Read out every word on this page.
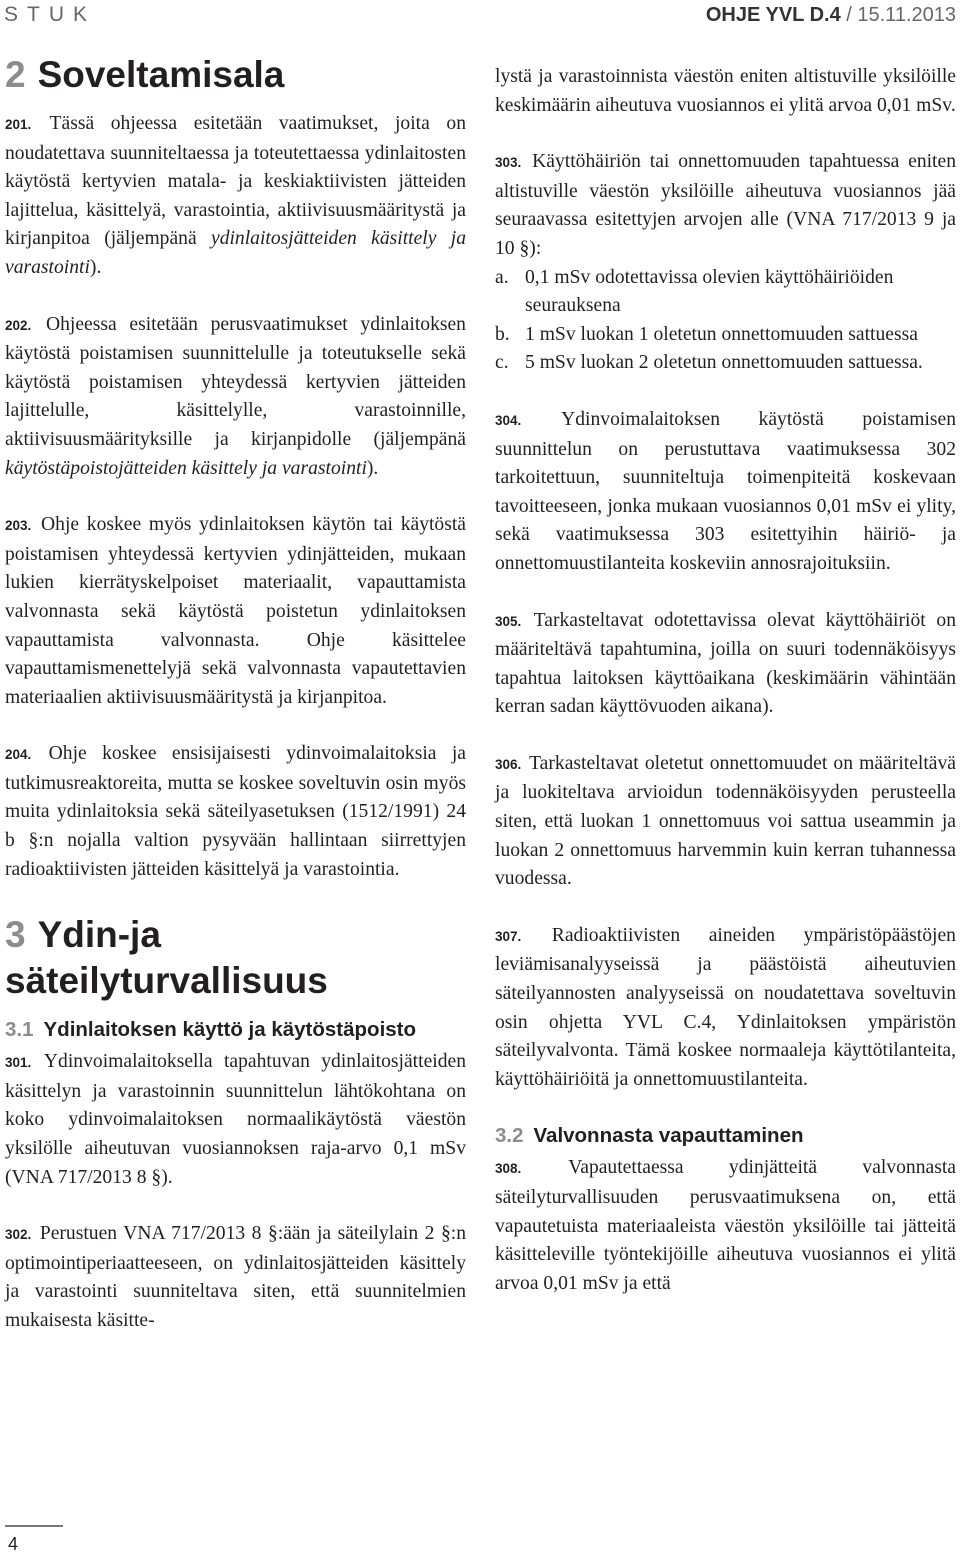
STUK	OHJE YVL D.4 / 15.11.2013
2 Soveltamisala

201. Tässä ohjeessa esitetään vaatimukset, joita on noudatettava suunniteltaessa ja toteutettaessa ydinlaitosten käytöstä kertyvien matala- ja keskiaktiivisten jätteiden lajittelua, käsittelyä, varastointia, aktiivisuusmääritystä ja kirjanpitoa (jäljempänä ydinlaitosjätteiden käsittely ja varastointi).

202. Ohjeessa esitetään perusvaatimukset ydinlaitoksen käytöstä poistamisen suunnittelulle ja toteutukselle sekä käytöstä poistamisen yhteydessä kertyvien jätteiden lajittelulle, käsittelylle, varastoinnille, aktiivisuusmäärityksille ja kirjanpidolle (jäljempänä käytöstäpoistojätteiden käsittely ja varastointi).

203. Ohje koskee myös ydinlaitoksen käytön tai käytöstä poistamisen yhteydessä kertyvien ydinjätteiden, mukaan lukien kierrätyskelpoiset materiaalit, vapauttamista valvonnasta sekä käytöstä poistetun ydinlaitoksen vapauttamista valvonnasta. Ohje käsittelee vapauttamismenettelyjä sekä valvonnasta vapautettavien materiaalien aktiivisuusmääritystä ja kirjanpitoa.

204. Ohje koskee ensisijaisesti ydinvoimalaitoksia ja tutkimusreaktoreita, mutta se koskee soveltuvin osin myös muita ydinlaitoksia sekä säteilyasetuksen (1512/1991) 24 b §:n nojalla valtion pysyvään hallintaan siirrettyjen radioaktiivisten jätteiden käsittelyä ja varastointia.

3 Ydin-ja
säteilyturvallisuus
3.1 Ydinlaitoksen käyttö ja käytöstäpoisto

301. Ydinvoimalaitoksella tapahtuvan ydinlaitosjätteiden käsittelyn ja varastoinnin suunnittelun lähtökohtana on koko ydinvoimalaitoksen normaalikäytöstä väestön yksilölle aiheutuvan vuosiannoksen raja-arvo 0,1 mSv (VNA 717/2013 8 §).

302. Perustuen VNA 717/2013 8 §:ään ja säteilylain 2 §:n optimointiperiaatteeseen, on ydinlaitosjätteiden käsittely ja varastointi suunniteltava siten, että suunnitelmien mukaisesta käsitte-

lystä ja varastoinnista väestön eniten altistuville yksilöille keskimäärin aiheutuva vuosiannos ei ylitä arvoa 0,01 mSv.

303. Käyttöhäiriön tai onnettomuuden tapahtuessa eniten altistuville väestön yksilöille aiheutuva vuosiannos jää seuraavassa esitettyjen arvojen alle (VNA 717/2013 9 ja 10 §):

a. 0,1 mSv odotettavissa olevien käyttöhäiriöiden seurauksena
b. 1 mSv luokan 1 oletetun onnettomuuden sattuessa
c. 5 mSv luokan 2 oletetun onnettomuuden sattuessa.

304. Ydinvoimalaitoksen käytöstä poistamisen suunnittelun on perustuttava vaatimuksessa 302 tarkoitettuun, suunniteltuja toimenpiteitä koskevaan tavoitteeseen, jonka mukaan vuosiannos 0,01 mSv ei ylity, sekä vaatimuksessa 303 esitettyihin häiriö- ja onnettomuustilanteita koskeviin annosrajoituksiin.

305. Tarkasteltavat odotettavissa olevat käyttöhäiriöt on määriteltävä tapahtumina, joilla on suuri todennäköisyys tapahtua laitoksen käyttöaikana (keskimäärin vähintään kerran sadan käyttövuoden aikana).

306. Tarkasteltavat oletetut onnettomuudet on määriteltävä ja luokiteltava arvioidun todennäköisyyden perusteella siten, että luokan 1 onnettomuus voi sattua useammin ja luokan 2 onnettomuus harvemmin kuin kerran tuhannessa vuodessa.

307. Radioaktiivisten aineiden ympäristöpäästöjen leviämisanalyyseissä ja päästöistä aiheutuvien säteilyannosten analyyseissä on noudatettava soveltuvin osin ohjetta YVL C.4, Ydinlaitoksen ympäristön säteilyvalvonta. Tämä koskee normaaleja käyttötilanteita, käyttöhäiriöitä ja onnettomuustilanteita.

3.2 Valvonnasta vapauttaminen

308. Vapautettaessa ydinjätteitä valvonnasta säteilyturvallisuuden perusvaatimuksena on, että vapautetuista materiaaleista väestön yksilöille tai jätteitä käsitteleville työntekijöille aiheutuva vuosiannos ei ylitä arvoa 0,01 mSv ja että

4
